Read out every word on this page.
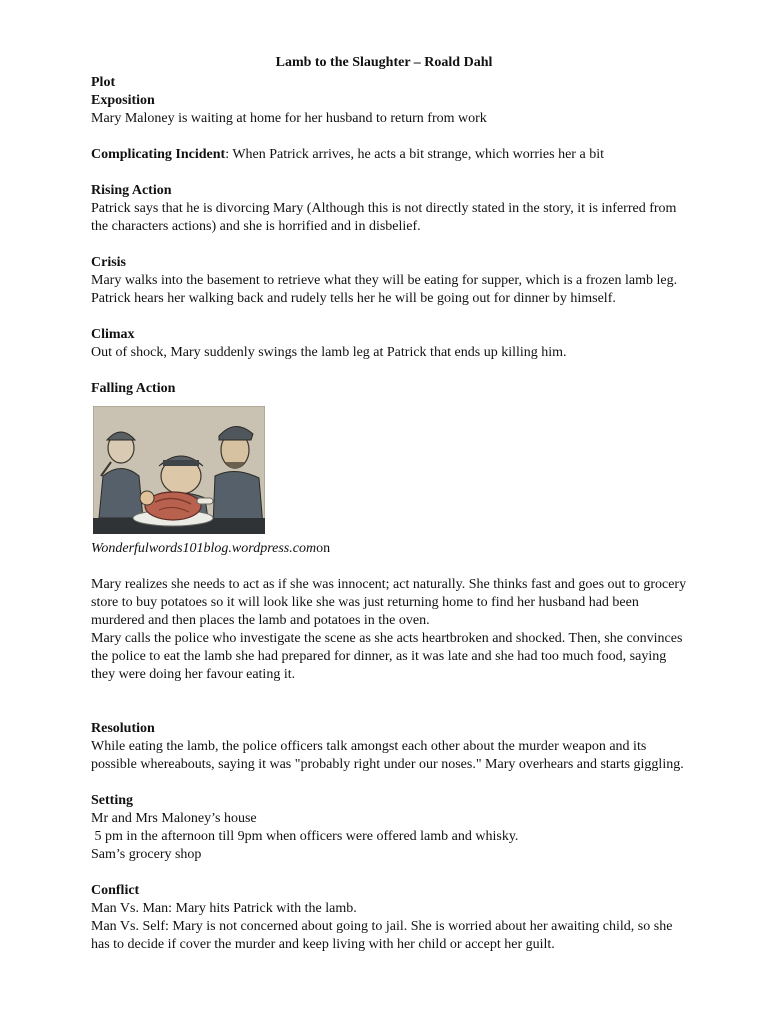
Lamb to the Slaughter – Roald Dahl

Plot

Exposition

Mary Maloney is waiting at home for her husband to return from work

Complicating Incident: When Patrick arrives, he acts a bit strange, which worries her a bit

Rising Action

Patrick says that he is divorcing Mary (Although this is not directly stated in the story, it is inferred from the characters actions) and she is horrified and in disbelief.

Crisis

Mary walks into the basement to retrieve what they will be eating for supper, which is a frozen lamb leg. Patrick hears her walking back and rudely tells her he will be going out for dinner by himself.

Climax

Out of shock, Mary suddenly swings the lamb leg at Patrick that ends up killing him.

Falling Action

Wonderfulwords101blog.wordpress.comon

Mary realizes she needs to act as if she was innocent; act naturally. She thinks fast and goes out to grocery store to buy potatoes so it will look like she was just returning home to find her husband had been murdered and then places the lamb and potatoes in the oven.

Mary calls the police who investigate the scene as she acts heartbroken and shocked. Then, she convinces the police to eat the lamb she had prepared for dinner, as it was late and she had too much food, saying they were doing her favour eating it.

Resolution

While eating the lamb, the police officers talk amongst each other about the murder weapon and its possible whereabouts, saying it was "probably right under our noses." Mary overhears and starts giggling.

Setting

Mr and Mrs Maloney’s house

5 pm in the afternoon till 9pm when officers were offered lamb and whisky.

Sam’s grocery shop

Conflict

Man Vs. Man: Mary hits Patrick with the lamb.

Man Vs. Self: Mary is not concerned about going to jail. She is worried about her awaiting child, so she has to decide if cover the murder and keep living with her child or accept her guilt.
